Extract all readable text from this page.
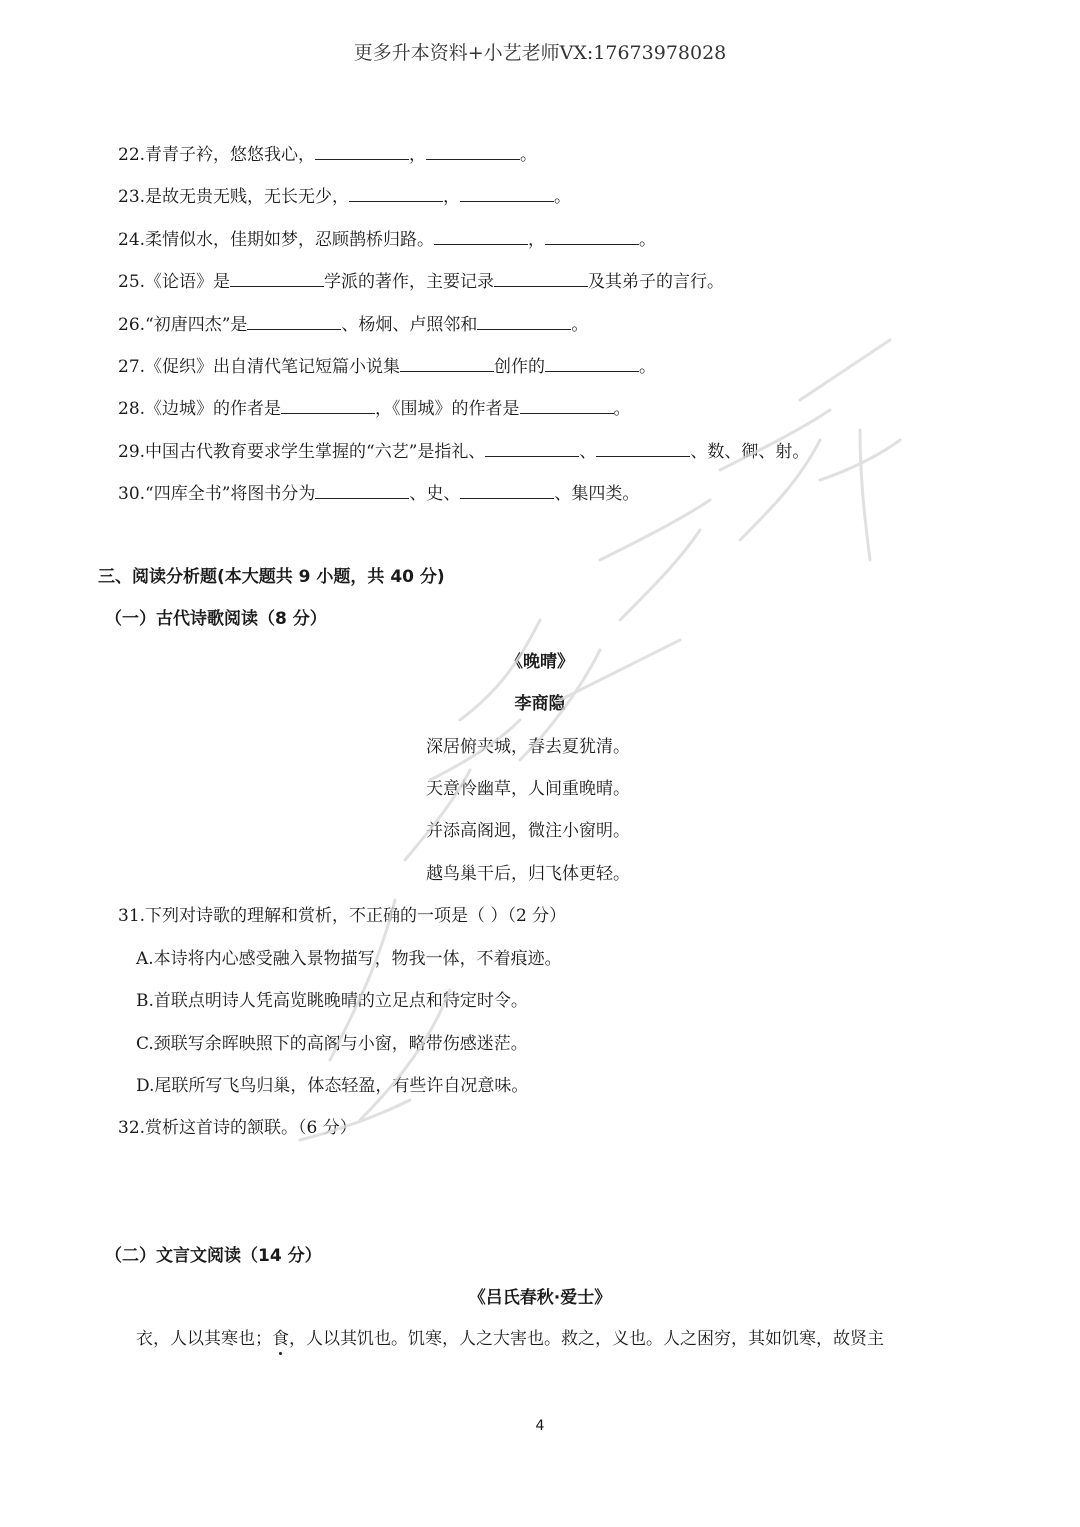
更多升本资料+小艺老师VX:17673978028
22.青青子衿，悠悠我心，	，	。
23.是故无贵无贱，无长无少，	，	。
24.柔情似水，佳期如梦，忍顾鹊桥归路。	，	。
25.《论语》是	学派的著作，主要记录	及其弟子的言行。
26.“初唐四杰”是	、杨炯、卢照邻和	。
27.《促织》出自清代笔记短篇小说集	创作的	。
28.《边城》的作者是	，《围城》的作者是	。
29.中国古代教育要求学生掌握的“六艺”是指礼、	、	、数、御、射。
30.“四库全书”将图书分为	、史、	、集四类。
三、阅读分析题(本大题共 9 小题，共 40 分)
（一）古代诗歌阅读（8 分）
《晚晴》
李商隐
深居俯夹城，春去夏犹清。
天意怜幽草，人间重晚晴。
并添高阁迥，微注小窗明。
越鸟巢干后，归飞体更轻。
31.下列对诗歌的理解和赏析，不正确的一项是（ ）（2 分）
A.本诗将内心感受融入景物描写，物我一体，不着痕迹。
B.首联点明诗人凭高览眺晚晴的立足点和特定时令。
C.颈联写余晖映照下的高阁与小窗，略带伤感迷茫。
D.尾联所写飞鸟归巢，体态轻盈，有些许自况意味。
32.赏析这首诗的颔联。（6 分）
（二）文言文阅读（14 分）
《吕氏春秋·爱士》
衣，人以其寒也；食，人以其饥也。饥寒，人之大害也。救之，义也。人之困穷，其如饥寒，故贤主
4
